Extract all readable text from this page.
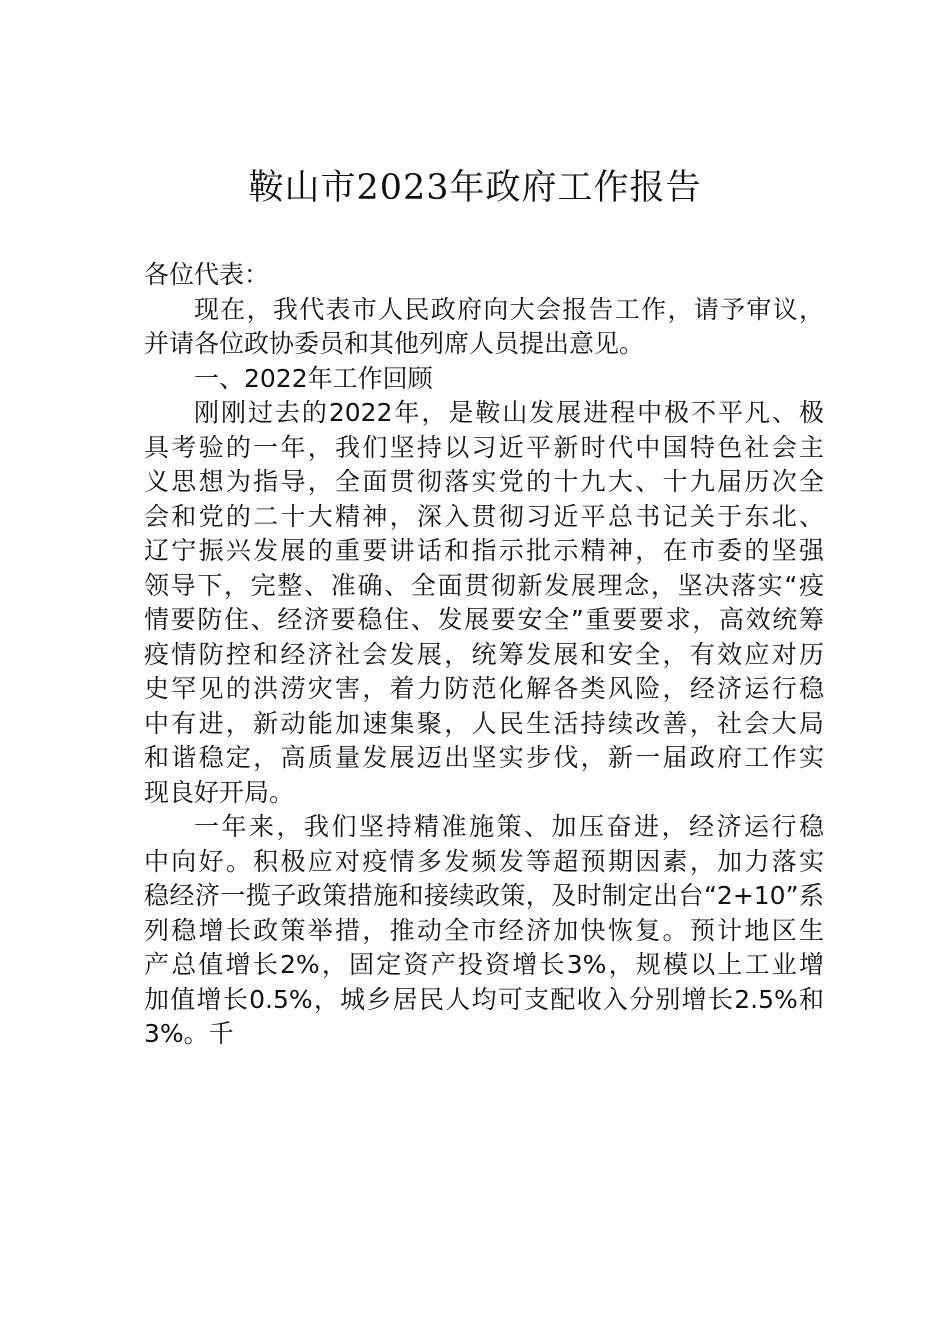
鞍山市2023年政府工作报告
各位代表：
现在，我代表市人民政府向大会报告工作，请予审议，
并请各位政协委员和其他列席人员提出意见。
一、2022年工作回顾
刚刚过去的2022年，是鞍山发展进程中极不平凡、极
具考验的一年，我们坚持以习近平新时代中国特色社会主
义思想为指导，全面贯彻落实党的十九大、十九届历次全
会和党的二十大精神，深入贯彻习近平总书记关于东北、
辽宁振兴发展的重要讲话和指示批示精神，在市委的坚强
领导下，完整、准确、全面贯彻新发展理念，坚决落实“疫
情要防住、经济要稳住、发展要安全”重要要求，高效统筹
疫情防控和经济社会发展，统筹发展和安全，有效应对历
史罕见的洪涝灾害，着力防范化解各类风险，经济运行稳
中有进，新动能加速集聚，人民生活持续改善，社会大局
和谐稳定，高质量发展迈出坚实步伐，新一届政府工作实
现良好开局。
一年来，我们坚持精准施策、加压奋进，经济运行稳
中向好。积极应对疫情多发频发等超预期因素，加力落实
稳经济一揽子政策措施和接续政策，及时制定出台“2+10”系
列稳增长政策举措，推动全市经济加快恢复。预计地区生
产总值增长2%，固定资产投资增长3%，规模以上工业增
加值增长0.5%，城乡居民人均可支配收入分别增长2.5%和
3%。千
